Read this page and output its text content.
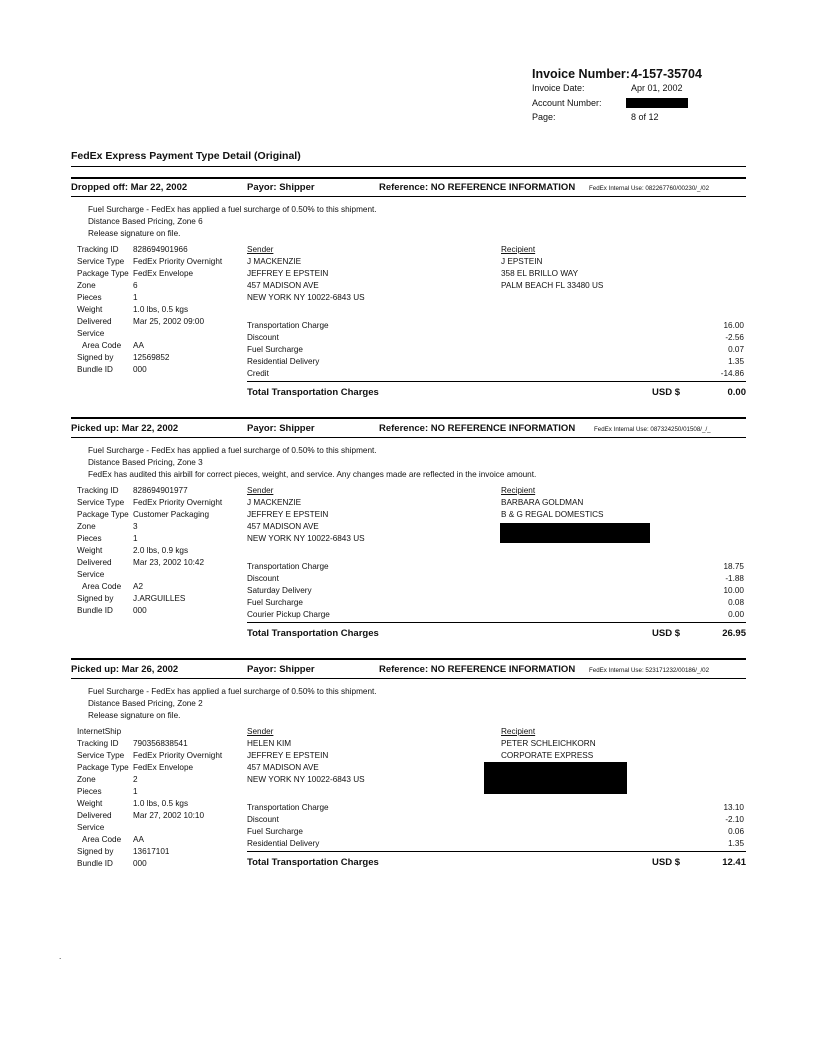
Invoice Number: 4-157-35704
Invoice Date:	Apr 01, 2002
Account Number:
Page:	8 of 12
FedEx Express Payment Type Detail (Original)
Dropped off: Mar 22, 2002	Payor: Shipper	Reference: NO REFERENCE INFORMATION FedEx Internal Use: 082267760/00230/_/02
Fuel Surcharge - FedEx has applied a fuel surcharge of 0.50% to this shipment.
Distance Based Pricing, Zone 6
Release signature on file.
Tracking ID 828694901966
Service Type FedEx Priority Overnight
Package Type FedEx Envelope
Zone	6
Pieces	1
Weight	1.0 lbs, 0.5 kgs
Delivered	Mar 25, 2002 09:00
Service
Area Code AA
Signed by 12569852
Bundle ID 000
Sender
J MACKENZIE
JEFFREY E EPSTEIN
457 MADISON AVE
NEW YORK NY 10022-6843 US
Recipient
J EPSTEIN
358 EL BRILLO WAY
PALM BEACH FL 33480 US
Transportation Charge	16.00
Discount	-2.56
Fuel Surcharge	0.07
Residential Delivery	1.35
Credit	-14.86
Total Transportation Charges	USD $	0.00
Picked up: Mar 22, 2002	Payor: Shipper	Reference: NO REFERENCE INFORMATION	FedEx Internal Use: 087324250/01508/_/_
Fuel Surcharge - FedEx has applied a fuel surcharge of 0.50% to this shipment.
Distance Based Pricing, Zone 3
FedEx has audited this airbill for correct pieces, weight, and service. Any changes made are reflected in the invoice amount.
Tracking ID 828694901977
Service Type FedEx Priority Overnight
Package Type Customer Packaging
Zone	3
Pieces	1
Weight	2.0 lbs, 0.9 kgs
Delivered	Mar 23, 2002 10:42
Service
Area Code A2
Signed by J.ARGUILLES
Bundle ID 000
Sender
J MACKENZIE
JEFFREY E EPSTEIN
457 MADISON AVE
NEW YORK NY 10022-6843 US
Recipient
BARBARA GOLDMAN
B & G REGAL DOMESTICS
Transportation Charge	18.75
Discount	-1.88
Saturday Delivery	10.00
Fuel Surcharge	0.08
Courier Pickup Charge	0.00
Total Transportation Charges	USD $	26.95
Picked up: Mar 26, 2002	Payor: Shipper	Reference: NO REFERENCE INFORMATION FedEx Internal Use: 523171232/00186/_/02
Fuel Surcharge - FedEx has applied a fuel surcharge of 0.50% to this shipment.
Distance Based Pricing, Zone 2
Release signature on file.
InternetShip
Tracking ID 790356838541
Service Type FedEx Priority Overnight
Package Type FedEx Envelope
Zone	2
Pieces	1
Weight	1.0 lbs, 0.5 kgs
Delivered	Mar 27, 2002 10:10
Service
Area Code AA
Signed by 13617101
Bundle ID 000
Sender
HELEN KIM
JEFFREY E EPSTEIN
457 MADISON AVE
NEW YORK NY 10022-6843 US
Recipient
PETER SCHLEICHKORN
CORPORATE EXPRESS
Transportation Charge	13.10
Discount	-2.10
Fuel Surcharge	0.06
Residential Delivery	1.35
Total Transportation Charges	USD $	12.41
.
